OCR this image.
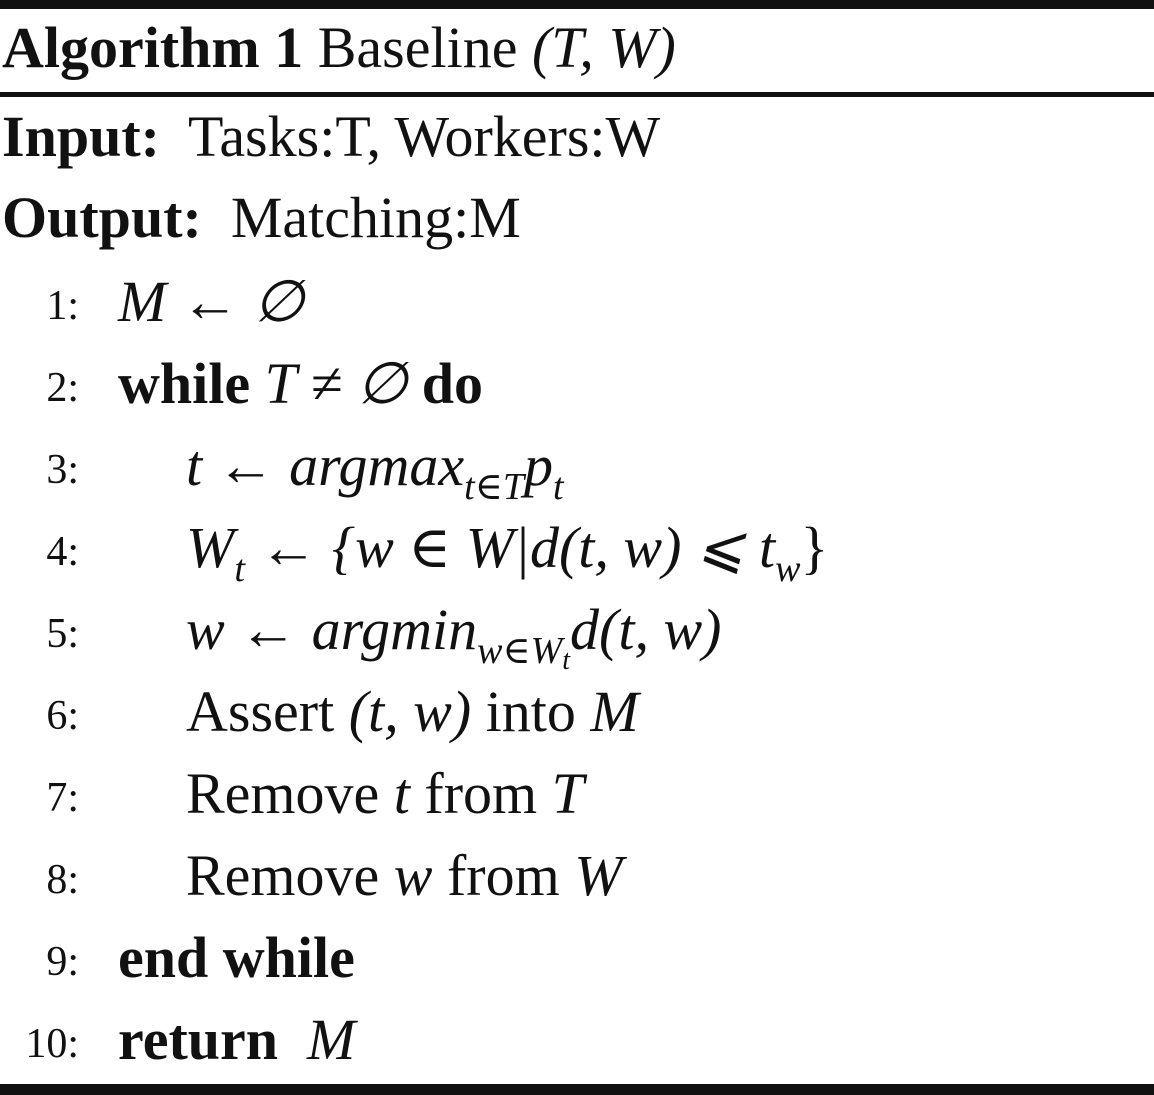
Algorithm 1 Baseline (T, W)
Input: Tasks:T, Workers:W
Output: Matching:M
1: M ← ∅
2: while T ≠ ∅ do
3: t ← $argmax_{t\in T}p_t$
4: $W_t$ ← {w ∈ W|d(t, w) ⩽ $t_w$}
5: w ← argmin$_{w\in Wt}$d(t, w)
6: Assert (t, w) into M
7: Remove t from T
8: Remove w from W
9: end while
10: return M
